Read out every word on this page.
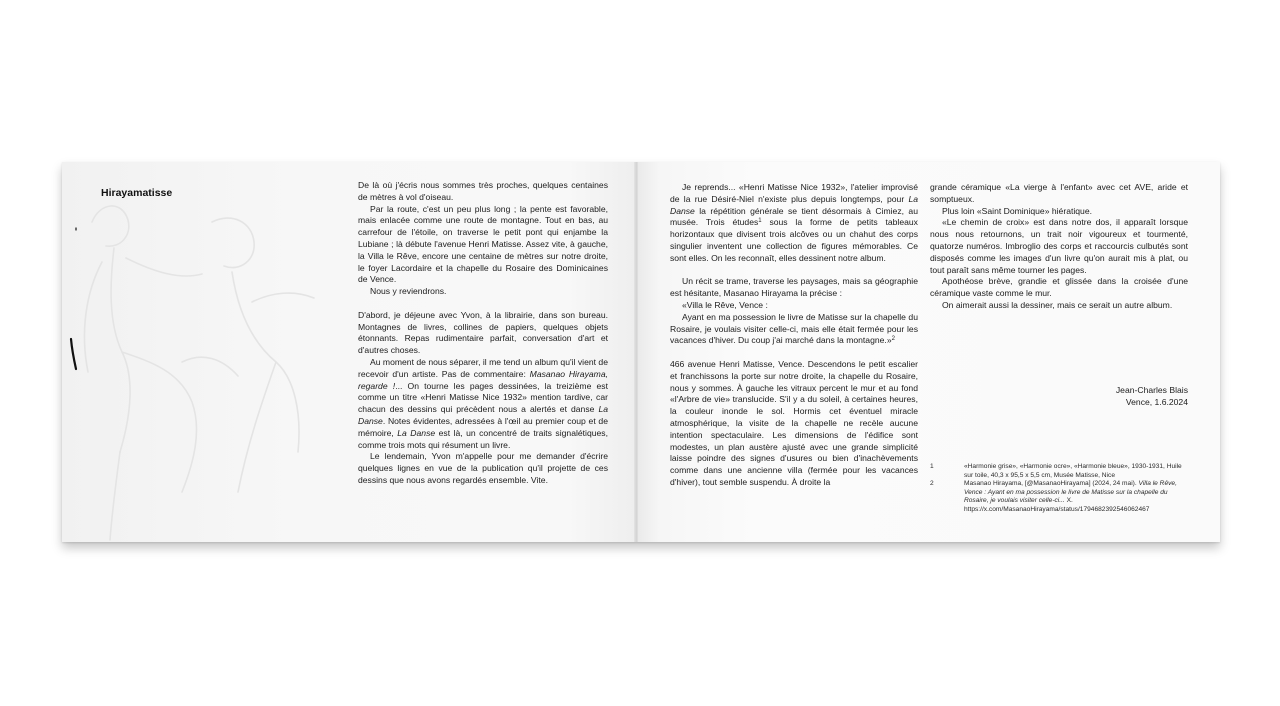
Hirayamatisse

De là où j'écris nous sommes très proches, quelques centaines de mètres à vol d'oiseau.

Par la route, c'est un peu plus long ; la pente est favorable, mais enlacée comme une route de montagne. Tout en bas, au carrefour de l'étoile, on traverse le petit pont qui enjambe la Lubiane ; là débute l'avenue Henri Matisse. Assez vite, à gauche, la Villa le Rêve, encore une centaine de mètres sur notre droite, le foyer Lacordaire et la chapelle du Rosaire des Dominicaines de Vence.

Nous y reviendrons.

D'abord, je déjeune avec Yvon, à la librairie, dans son bureau. Montagnes de livres, collines de papiers, quelques objets étonnants. Repas rudimentaire parfait, conversation d'art et d'autres choses.

Au moment de nous séparer, il me tend un album qu'il vient de recevoir d'un artiste. Pas de commentaire: Masanao Hirayama, regarde !... On tourne les pages dessinées, la treizième est comme un titre «Henri Matisse Nice 1932» mention tardive, car chacun des dessins qui précèdent nous a alertés et danse La Danse. Notes évidentes, adressées à l'œil au premier coup et de mémoire, La Danse est là, un concentré de traits signalétiques, comme trois mots qui résument un livre.

Le lendemain, Yvon m'appelle pour me demander d'écrire quelques lignes en vue de la publication qu'il projette de ces dessins que nous avons regardés ensemble. Vite.

Je reprends... «Henri Matisse Nice 1932», l'atelier improvisé de la rue Désiré-Niel n'existe plus depuis longtemps, pour La Danse la répétition générale se tient désormais à Cimiez, au musée. Trois études$^1$ sous la forme de petits tableaux horizontaux que divisent trois alcôves ou un chahut des corps singulier inventent une collection de figures mémorables. Ce sont elles. On les reconnaît, elles dessinent notre album.

Un récit se trame, traverse les paysages, mais sa géographie est hésitante, Masanao Hirayama la précise :

«Villa le Rêve, Vence :

Ayant en ma possession le livre de Matisse sur la chapelle du Rosaire, je voulais visiter celle-ci, mais elle était fermée pour les vacances d'hiver. Du coup j'ai marché dans la montagne.»$^2$

466 avenue Henri Matisse, Vence. Descendons le petit escalier et franchissons la porte sur notre droite, la chapelle du Rosaire, nous y sommes. À gauche les vitraux percent le mur et au fond «l'Arbre de vie» translucide. S'il y a du soleil, à certaines heures, la couleur inonde le sol. Hormis cet éventuel miracle atmosphérique, la visite de la chapelle ne recèle aucune intention spectaculaire. Les dimensions de l'édifice sont modestes, un plan austère ajusté avec une grande simplicité laisse poindre des signes d'usures ou bien d'inachèvements comme dans une ancienne villa (fermée pour les vacances d'hiver), tout semble suspendu. À droite la

grande céramique «La vierge à l'enfant» avec cet AVE, aride et somptueux.

Plus loin «Saint Dominique» hiératique.

«Le chemin de croix» est dans notre dos, il apparaît lorsque nous nous retournons, un trait noir vigoureux et tourmenté, quatorze numéros. Imbroglio des corps et raccourcis culbutés sont disposés comme les images d'un livre qu'on aurait mis à plat, ou tout paraît sans même tourner les pages.

Apothéose brève, grandie et glissée dans la croisée d'une céramique vaste comme le mur.

On aimerait aussi la dessiner, mais ce serait un autre album.

Jean-Charles Blais
Vence, 1.6.2024
1	«Harmonie grise», «Harmonie ocre», «Harmonie bleue», 1930-1931, Huile sur toile, 40,3 x 95,5 x 5,5 cm, Musée Matisse, Nice
2	Masanao Hirayama, [@MasanaoHirayama] (2024, 24 mai). Villa le Rêve, Vence : Ayant en ma possession le livre de Matisse sur la chapelle du Rosaire, je voulais visiter celle-ci... X. https://x.com/MasanaoHirayama/status/1794682392546062467
